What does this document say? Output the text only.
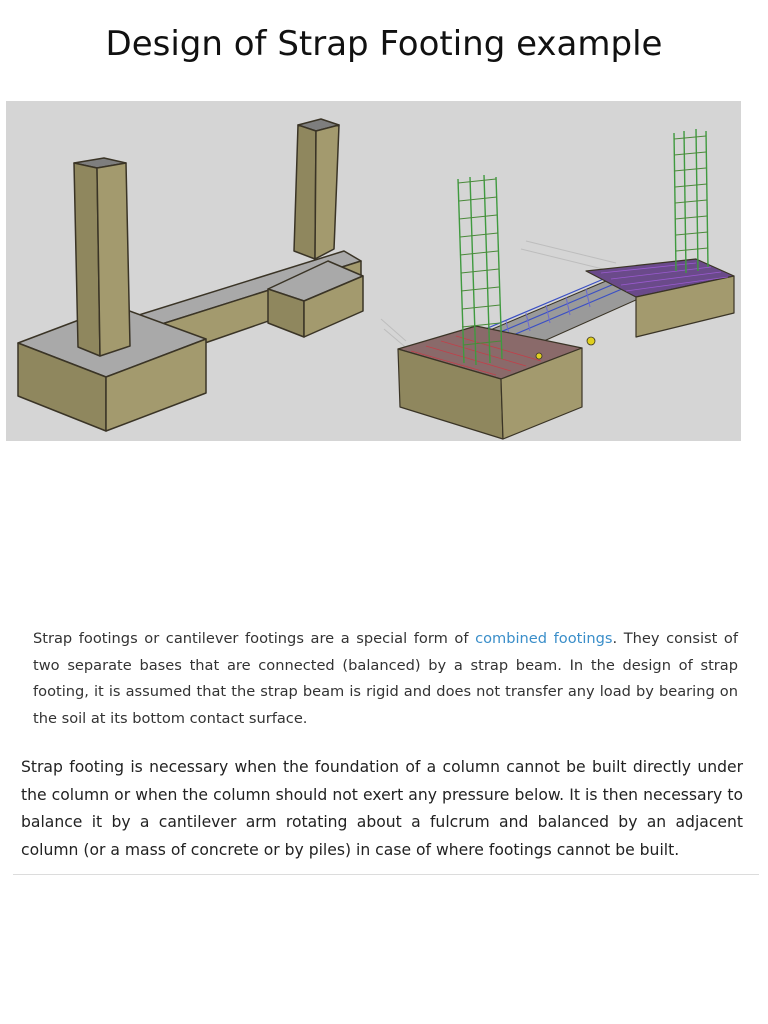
Design of Strap Footing example
Strap footings or cantilever footings are a special form of combined footings. They consist of two separate bases that are connected (balanced) by a strap beam. In the design of strap footing, it is assumed that the strap beam is rigid and does not transfer any load by bearing on the soil at its bottom contact surface.
Strap footing is necessary when the foundation of a column cannot be built directly under the column or when the column should not exert any pressure below. It is then necessary to balance it by a cantilever arm rotating about a fulcrum and balanced by an adjacent column (or a mass of concrete or by piles) in case of where footings cannot be built.
